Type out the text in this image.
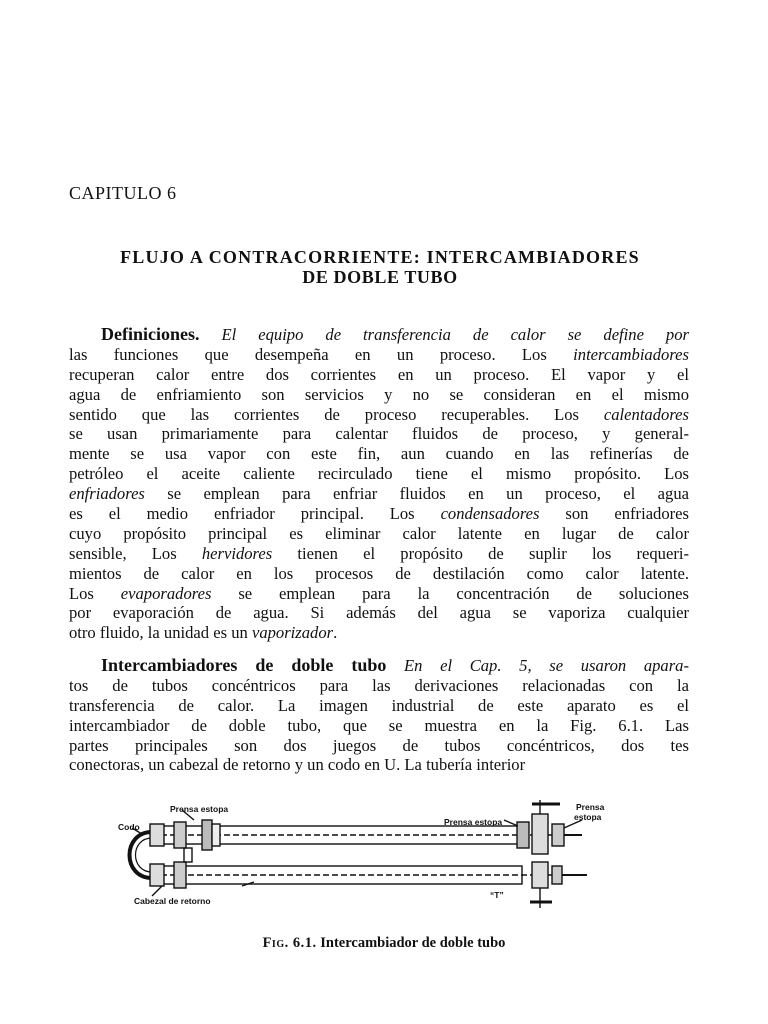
CAPITULO 6
FLUJO A CONTRACORRIENTE: INTERCAMBIADORES
DE DOBLE TUBO
Definiciones. El equipo de transferencia de calor se define por
las funciones que desempeña en un proceso. Los intercambiadores
recuperan calor entre dos corrientes en un proceso. El vapor y el
agua de enfriamiento son servicios y no se consideran en el mismo
sentido que las corrientes de proceso recuperables. Los calentadores
se usan primariamente para calentar fluidos de proceso, y general-
mente se usa vapor con este fin, aun cuando en las refinerías de
petróleo el aceite caliente recirculado tiene el mismo propósito. Los
enfriadores se emplean para enfriar fluidos en un proceso, el agua
es el medio enfriador principal. Los condensadores son enfriadores
cuyo propósito principal es eliminar calor latente en lugar de calor
sensible, Los hervidores tienen el propósito de suplir los requeri-
mientos de calor en los procesos de destilación como calor latente.
Los evaporadores se emplean para la concentración de soluciones
por evaporación de agua. Si además del agua se vaporiza cualquier
otro fluido, la unidad es un vaporizador.
Intercambiadores de doble tubo En el Cap. 5, se usaron apara-
tos de tubos concéntricos para las derivaciones relacionadas con la
transferencia de calor. La imagen industrial de este aparato es el
intercambiador de doble tubo, que se muestra en la Fig. 6.1. Las
partes principales son dos juegos de tubos concéntricos, dos tes
conectoras, un cabezal de retorno y un codo en U. La tubería interior
Prensa estopa
Codo	Prensa estopa
Prensa
estopa
Cabezal de retorno
“T”
Fig. 6.1. Intercambiador de doble tubo
